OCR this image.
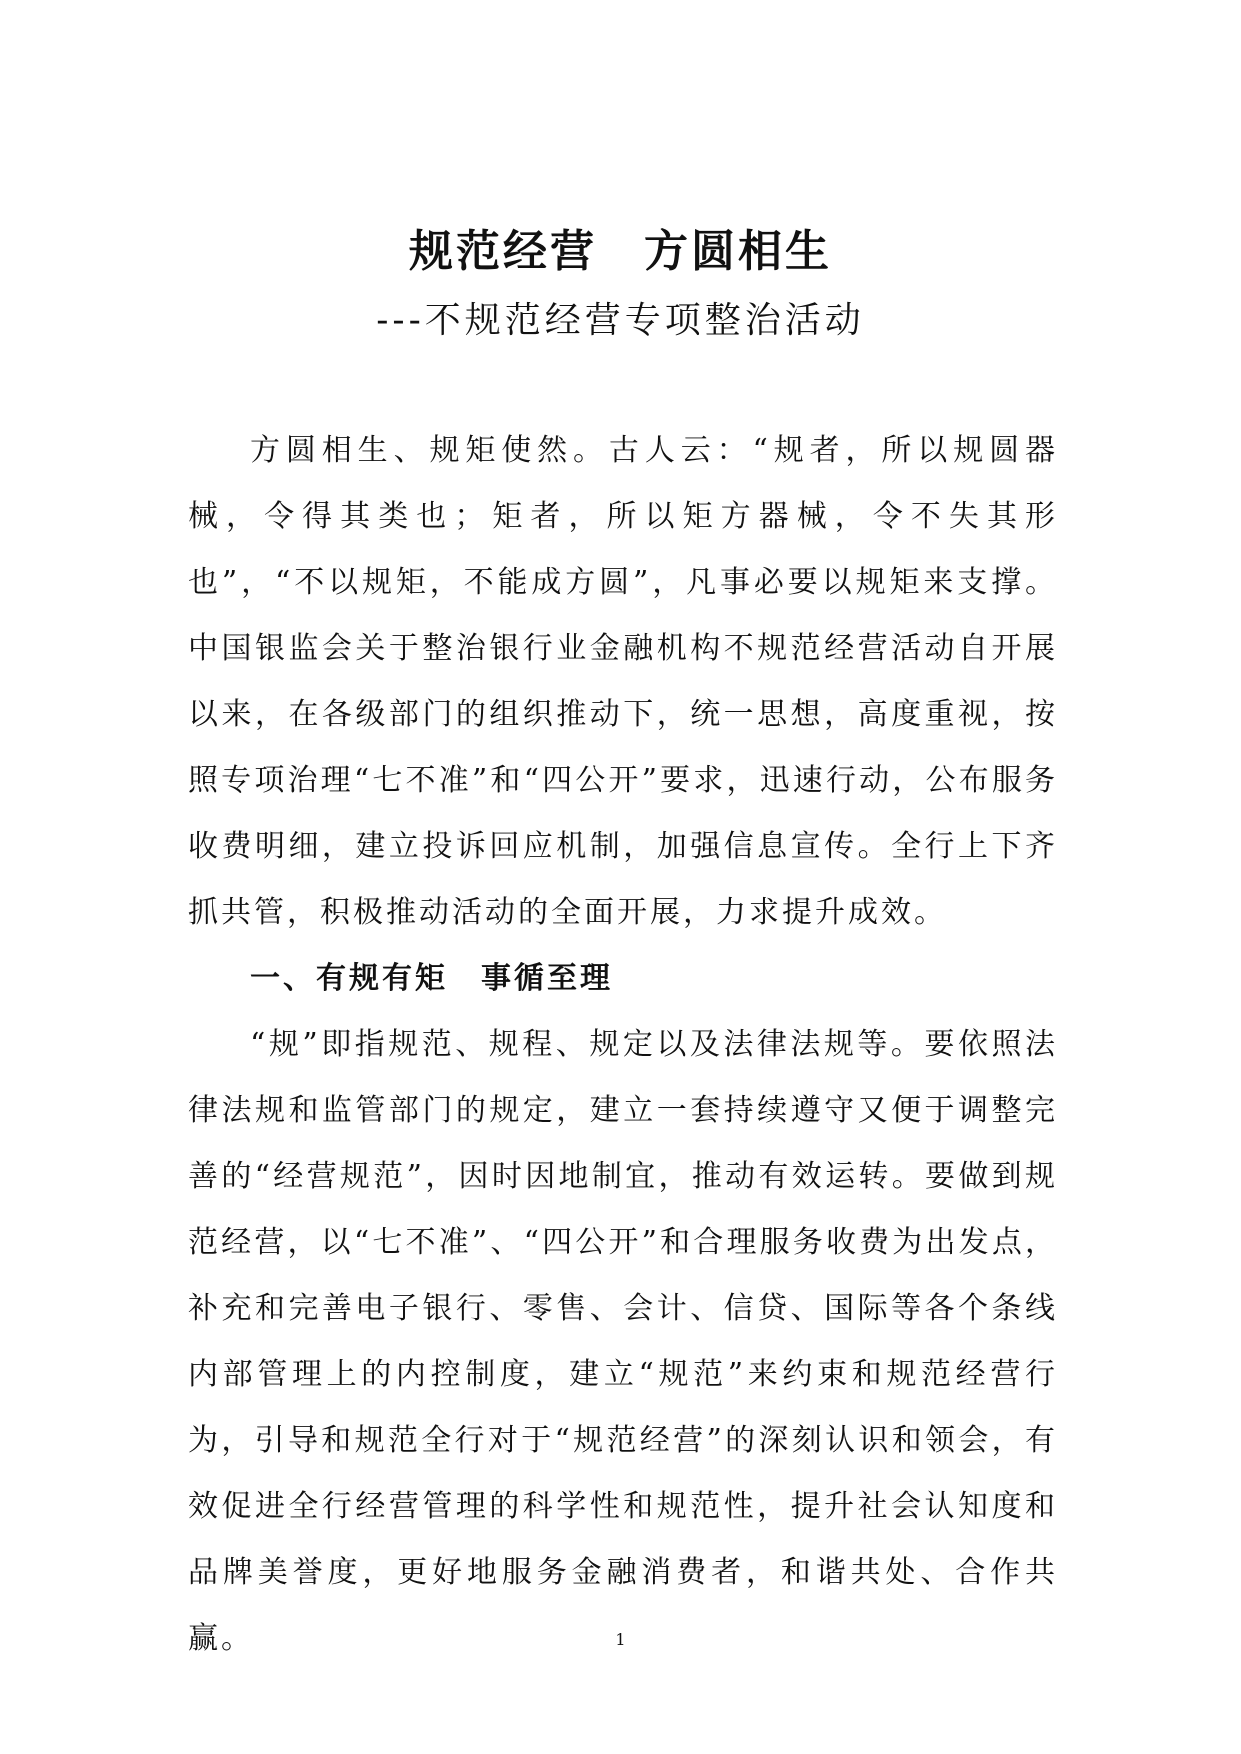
规范经营　方圆相生
---不规范经营专项整治活动

方圆相生、规矩使然。古人云：“规者，所以规圆器械，令得其类也；矩者，所以矩方器械，令不失其形也”，“不以规矩，不能成方圆”，凡事必要以规矩来支撑。中国银监会关于整治银行业金融机构不规范经营活动自开展以来，在各级部门的组织推动下，统一思想，高度重视，按照专项治理“七不准”和“四公开”要求，迅速行动，公布服务收费明细，建立投诉回应机制，加强信息宣传。全行上下齐抓共管，积极推动活动的全面开展，力求提升成效。

一、有规有矩　事循至理

“规”即指规范、规程、规定以及法律法规等。要依照法律法规和监管部门的规定，建立一套持续遵守又便于调整完善的“经营规范”，因时因地制宜，推动有效运转。要做到规范经营，以“七不准”、“四公开”和合理服务收费为出发点，补充和完善电子银行、零售、会计、信贷、国际等各个条线内部管理上的内控制度，建立“规范”来约束和规范经营行为，引导和规范全行对于“规范经营”的深刻认识和领会，有效促进全行经营管理的科学性和规范性，提升社会认知度和品牌美誉度，更好地服务金融消费者，和谐共处、合作共赢。	1
